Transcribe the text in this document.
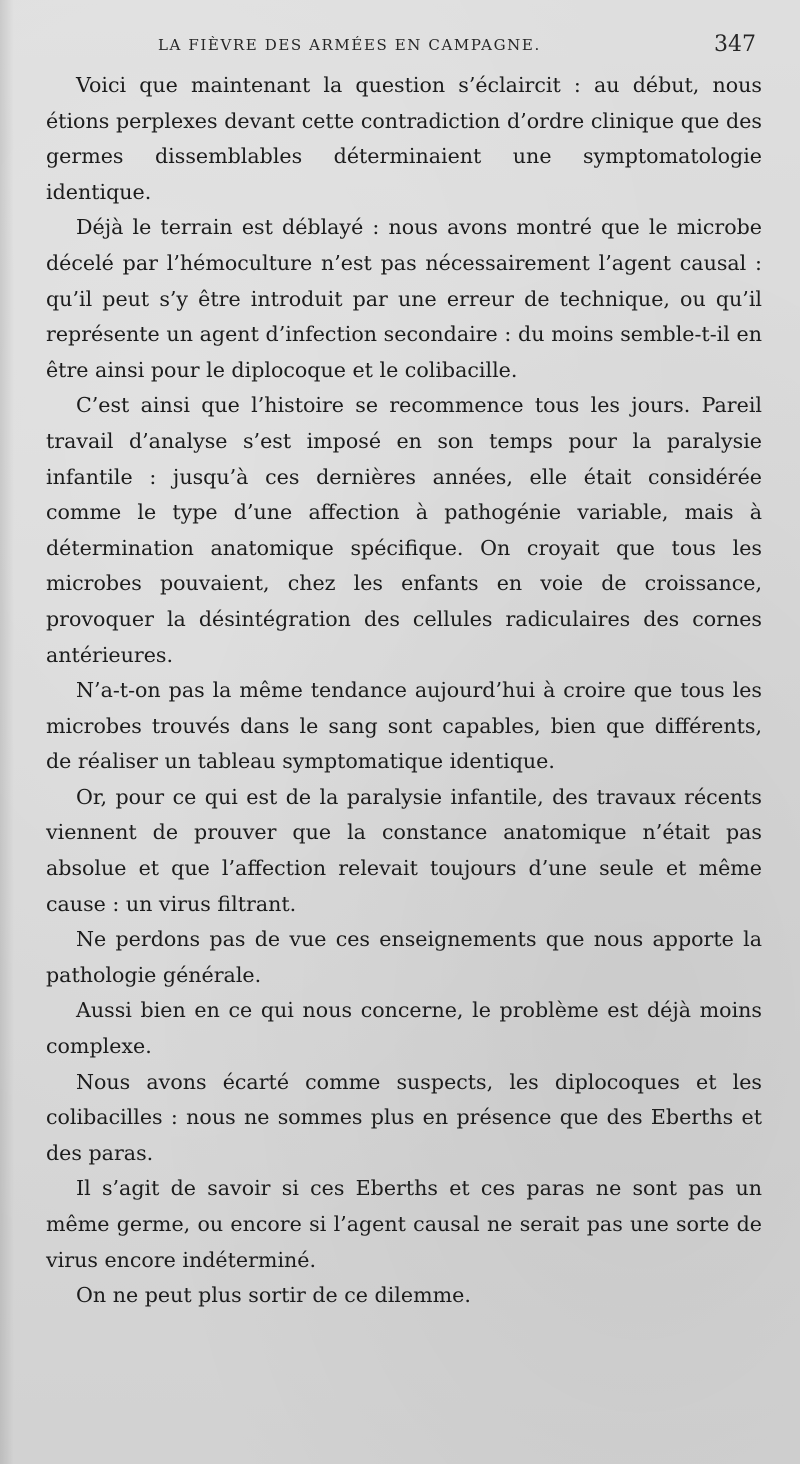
LA FIÈVRE DES ARMÉES EN CAMPAGNE.	347

Voici que maintenant la question s’éclaircit : au début, nous étions perplexes devant cette contradiction d’ordre clinique que des germes dissemblables déterminaient une symptomatologie identique.

Déjà le terrain est déblayé : nous avons montré que le microbe décelé par l’hémoculture n’est pas nécessairement l’agent causal : qu’il peut s’y être introduit par une erreur de technique, ou qu’il représente un agent d’infection secondaire : du moins semble-t-il en être ainsi pour le diplocoque et le colibacille.

C’est ainsi que l’histoire se recommence tous les jours. Pareil travail d’analyse s’est imposé en son temps pour la paralysie infantile : jusqu’à ces dernières années, elle était considérée comme le type d’une affection à pathogénie variable, mais à détermination anatomique spécifique. On croyait que tous les microbes pouvaient, chez les enfants en voie de croissance, provoquer la désintégration des cellules radiculaires des cornes antérieures.

N’a-t-on pas la même tendance aujourd’hui à croire que tous les microbes trouvés dans le sang sont capables, bien que différents, de réaliser un tableau symptomatique identique.

Or, pour ce qui est de la paralysie infantile, des travaux récents viennent de prouver que la constance anatomique n’était pas absolue et que l’affection relevait toujours d’une seule et même cause : un virus filtrant.

Ne perdons pas de vue ces enseignements que nous apporte la pathologie générale.

Aussi bien en ce qui nous concerne, le problème est déjà moins complexe.

Nous avons écarté comme suspects, les diplocoques et les colibacilles : nous ne sommes plus en présence que des Eberths et des paras.

Il s’agit de savoir si ces Eberths et ces paras ne sont pas un même germe, ou encore si l’agent causal ne serait pas une sorte de virus encore indéterminé.

On ne peut plus sortir de ce dilemme.
